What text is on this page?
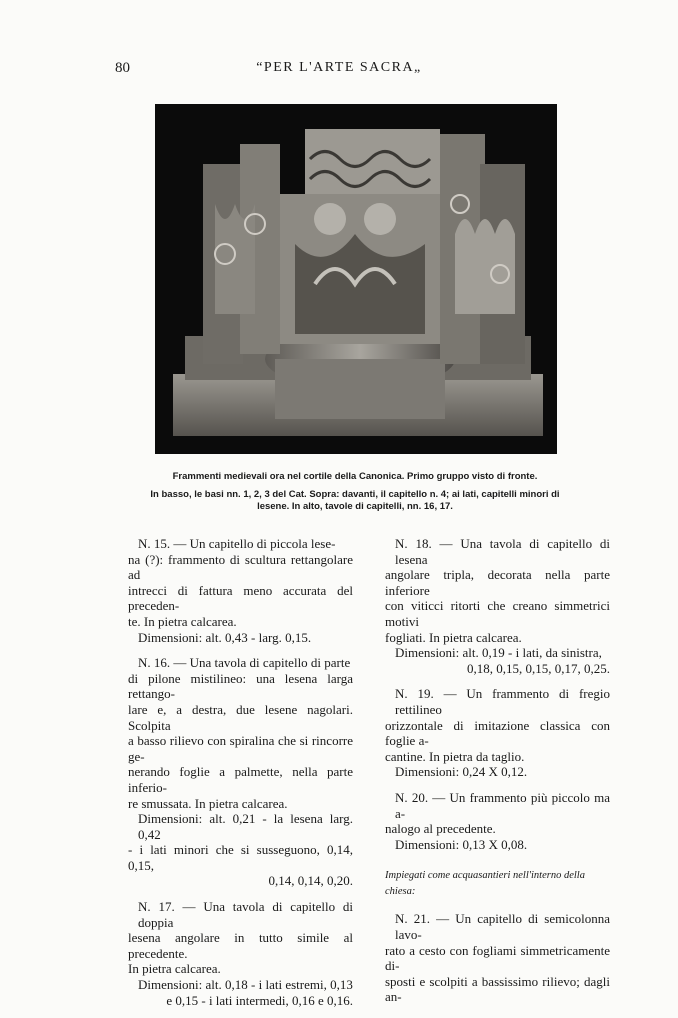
80	“PER L'ARTE SACRA„
Frammenti medievali ora nel cortile della Canonica. Primo gruppo visto di fronte.
In basso, le basi nn. 1, 2, 3 del Cat. Sopra: davanti, il capitello n. 4; ai lati, capitelli minori di
lesene. In alto, tavole di capitelli, nn. 16, 17.
N. 15. — Un capitello di piccola lese-
na (?): frammento di scultura rettangolare ad
intrecci di fattura meno accurata del preceden-
te. In pietra calcarea.
Dimensioni: alt. 0,43 - larg. 0,15.
N. 16. — Una tavola di capitello di parte
di pilone mistilineo: una lesena larga rettango-
lare e, a destra, due lesene nagolari. Scolpita
a basso rilievo con spiralina che si rincorre ge-
nerando foglie a palmette, nella parte inferio-
re smussata. In pietra calcarea.
Dimensioni: alt. 0,21 - la lesena larg. 0,42
- i lati minori che si susseguono, 0,14, 0,15,
0,14, 0,14, 0,20.
N. 17. — Una tavola di capitello di doppia
lesena angolare in tutto simile al precedente.
In pietra calcarea.
Dimensioni: alt. 0,18 - i lati estremi, 0,13
e 0,15 - i lati intermedi, 0,16 e 0,16.
N. 18. — Una tavola di capitello di lesena
angolare tripla, decorata nella parte inferiore
con viticci ritorti che creano simmetrici motivi
fogliati. In pietra calcarea.
Dimensioni: alt. 0,19 - i lati, da sinistra,
0,18, 0,15, 0,15, 0,17, 0,25.
N. 19. — Un frammento di fregio rettilineo
orizzontale di imitazione classica con foglie a-
cantine. In pietra da taglio.
Dimensioni: 0,24 X 0,12.
N. 20. — Un frammento più piccolo ma a-
nalogo al precedente.
Dimensioni: 0,13 X 0,08.
Impiegati come acquasantieri nell'interno della chiesa:
N. 21. — Un capitello di semicolonna lavo-
rato a cesto con fogliami simmetricamente di-
sposti e scolpiti a bassissimo rilievo; dagli an-
